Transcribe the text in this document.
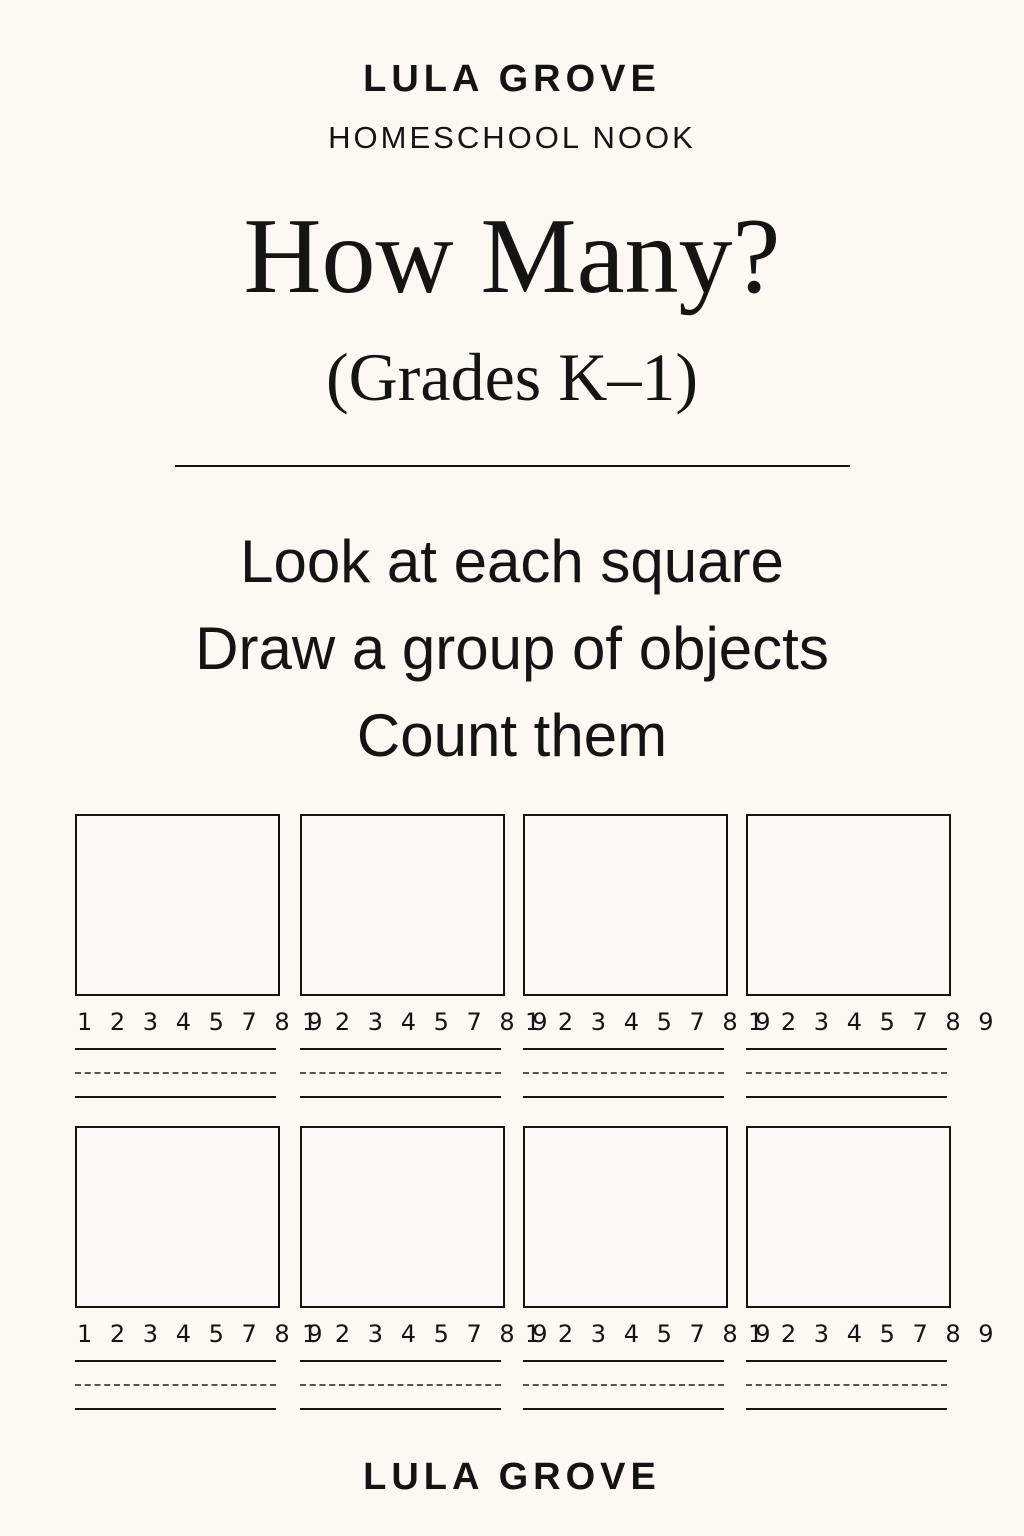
LULA GROVE
HOMESCHOOL NOOK
How Many?
(Grades K–1)
Look at each square
Draw a group of objects
Count them
1 2 3 4 5 7 8 9
1 2 3 4 5 7 8 9
1 2 3 4 5 7 8 9
1 2 3 4 5 7 8 9
1 2 3 4 5 7 8 9
1 2 3 4 5 7 8 9
1 2 3 4 5 7 8 9
1 2 3 4 5 7 8 9
LULA GROVE
